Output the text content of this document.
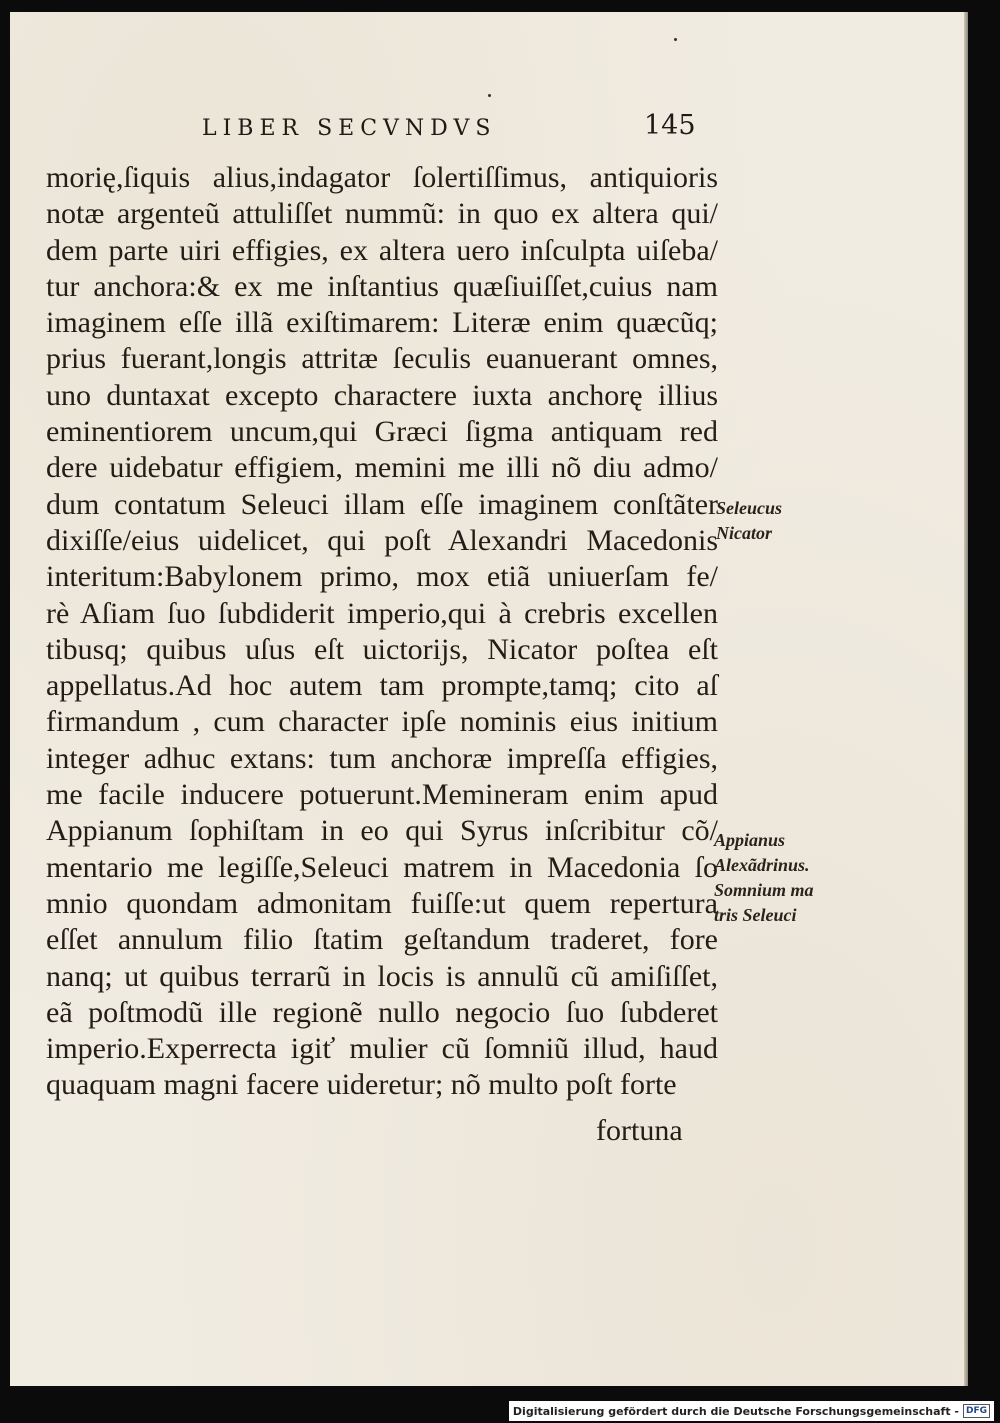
LIBER SECVNDVS	145
morię,ſiquis alius,indagator ſolertiſſimus, antiquioris
notæ argenteũ attuliſſet nummũ: in quo ex altera qui/
dem parte uiri effigies, ex altera uero inſculpta uiſeba/
tur anchora:& ex me inſtantius quæſiuiſſet,cuius nam
imaginem eſſe illã exiſtimarem: Literæ enim quæcũq;
prius fuerant,longis attritæ ſeculis euanuerant omnes,
uno duntaxat excepto charactere iuxta anchorę illius
eminentiorem uncum,qui Græci ſigma antiquam red
dere uidebatur effigiem, memini me illi nõ diu admo/
dum contatum Seleuci illam eſſe imaginem conſtãter
dixiſſe/eius uidelicet, qui poſt Alexandri Macedonis
interitum:Babylonem primo, mox etiã uniuerſam fe/
rè Aſiam ſuo ſubdiderit imperio,qui à crebris excellen
tibusq; quibus uſus eſt uictorijs, Nicator poſtea eſt
appellatus.Ad hoc autem tam prompte,tamq; cito aſ
firmandum , cum character ipſe nominis eius initium
integer adhuc extans: tum anchoræ impreſſa effigies,
me facile inducere potuerunt.Memineram enim apud
Appianum ſophiſtam in eo qui Syrus inſcribitur cõ/
mentario me legiſſe,Seleuci matrem in Macedonia ſo
mnio quondam admonitam fuiſſe:ut quem repertura
eſſet annulum filio ſtatim geſtandum traderet, fore
nanq; ut quibus terrarũ in locis is annulũ cũ amiſiſſet,
eã poſtmodũ ille regionẽ nullo negocio ſuo ſubderet
imperio.Experrecta igiť mulier cũ ſomniũ illud, haud
quaquam magni facere uideretur; nõ multo poſt forte
fortuna
Seleucus
Nicator
Appianus
Alexãdrinus.
Somnium ma
tris Seleuci
Digitalisierung gefördert durch die Deutsche Forschungsgemeinschaft - DFG
